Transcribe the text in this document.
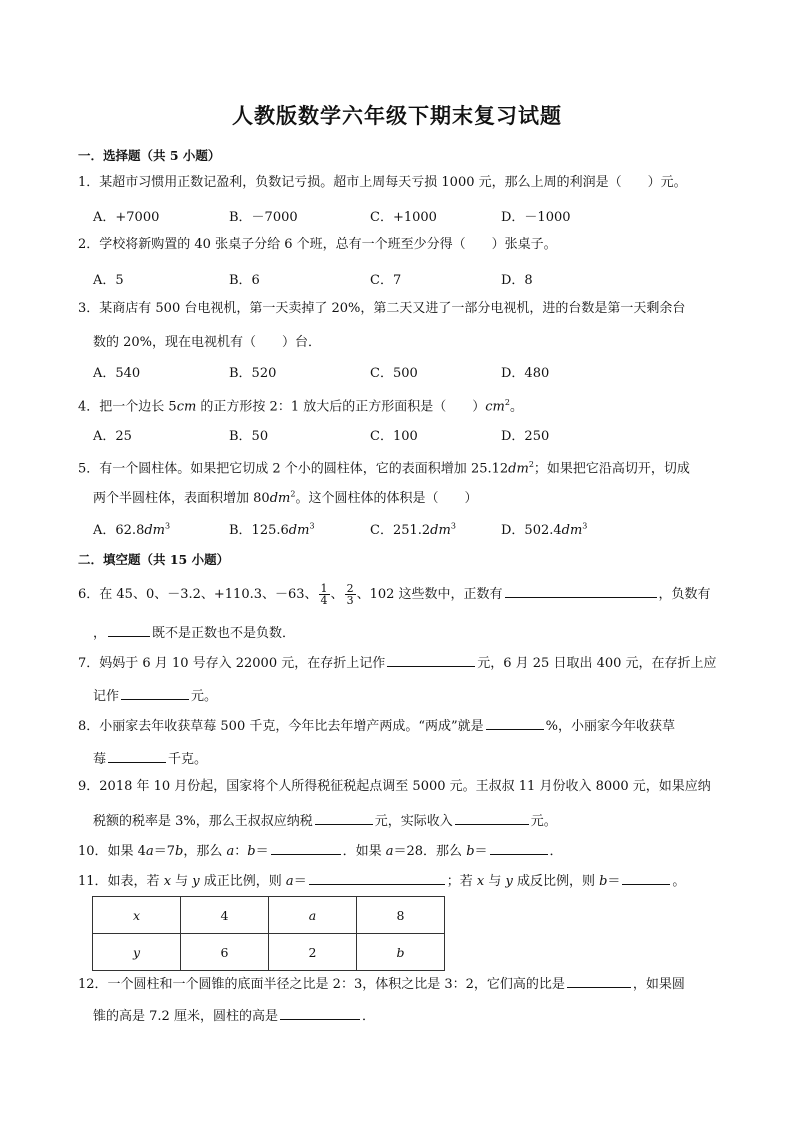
人教版数学六年级下期末复习试题
一．选择题（共 5 小题）
1．某超市习惯用正数记盈利，负数记亏损。超市上周每天亏损 1000 元，那么上周的利润是（　　）元。
A．+7000	B．－7000	C．+1000	D．－1000
2．学校将新购置的 40 张桌子分给 6 个班，总有一个班至少分得（　　）张桌子。
A．5	B．6	C．7	D．8
3．某商店有 500 台电视机，第一天卖掉了 20%，第二天又进了一部分电视机，进的台数是第一天剩余台
数的 20%，现在电视机有（　　）台．
A．540	B．520	C．500	D．480
4．把一个边长 5cm 的正方形按 2：1 放大后的正方形面积是（　　）$cm^2$。
A．25	B．50	C．100	D．250
5．有一个圆柱体。如果把它切成 2 个小的圆柱体，它的表面积增加 $25.12dm^2$；如果把它沿高切开，切成
两个半圆柱体，表面积增加 $80dm^2$。这个圆柱体的体积是（　　）
A．$62.8dm^3$	B．$125.6dm^3$	C．$251.2dm^3$	D．$502.4dm^3$
二．填空题（共 15 小题）
6．在 45、0、－3.2、+110.3、－63、 $\frac{1}{4}$ 、 $\frac{2}{3}$ 、102 这些数中，正数有	，负数有
，	既不是正数也不是负数．
7．妈妈于 6 月 10 号存入 22000 元，在存折上记作	元，6 月 25 日取出 400 元，在存折上应
记作	元。
8．小丽家去年收获草莓 500 千克，今年比去年增产两成。“两成”就是	%，小丽家今年收获草
莓	千克。
9．2018 年 10 月份起，国家将个人所得税征税起点调至 5000 元。王叔叔 11 月份收入 8000 元，如果应纳
税额的税率是 3%，那么王叔叔应纳税	元，实际收入	元。
10．如果 4a＝7b，那么 a：b＝	．如果 a＝28．那么 b＝	．
11．如表，若 x 与 y 成正比例，则 a＝	；若 x 与 y 成反比例，则 b＝	。
x	4	a	8
y	6	2	b
12．一个圆柱和一个圆锥的底面半径之比是 2：3，体积之比是 3：2，它们高的比是	，如果圆
锥的高是 7.2 厘米，圆柱的高是	．
